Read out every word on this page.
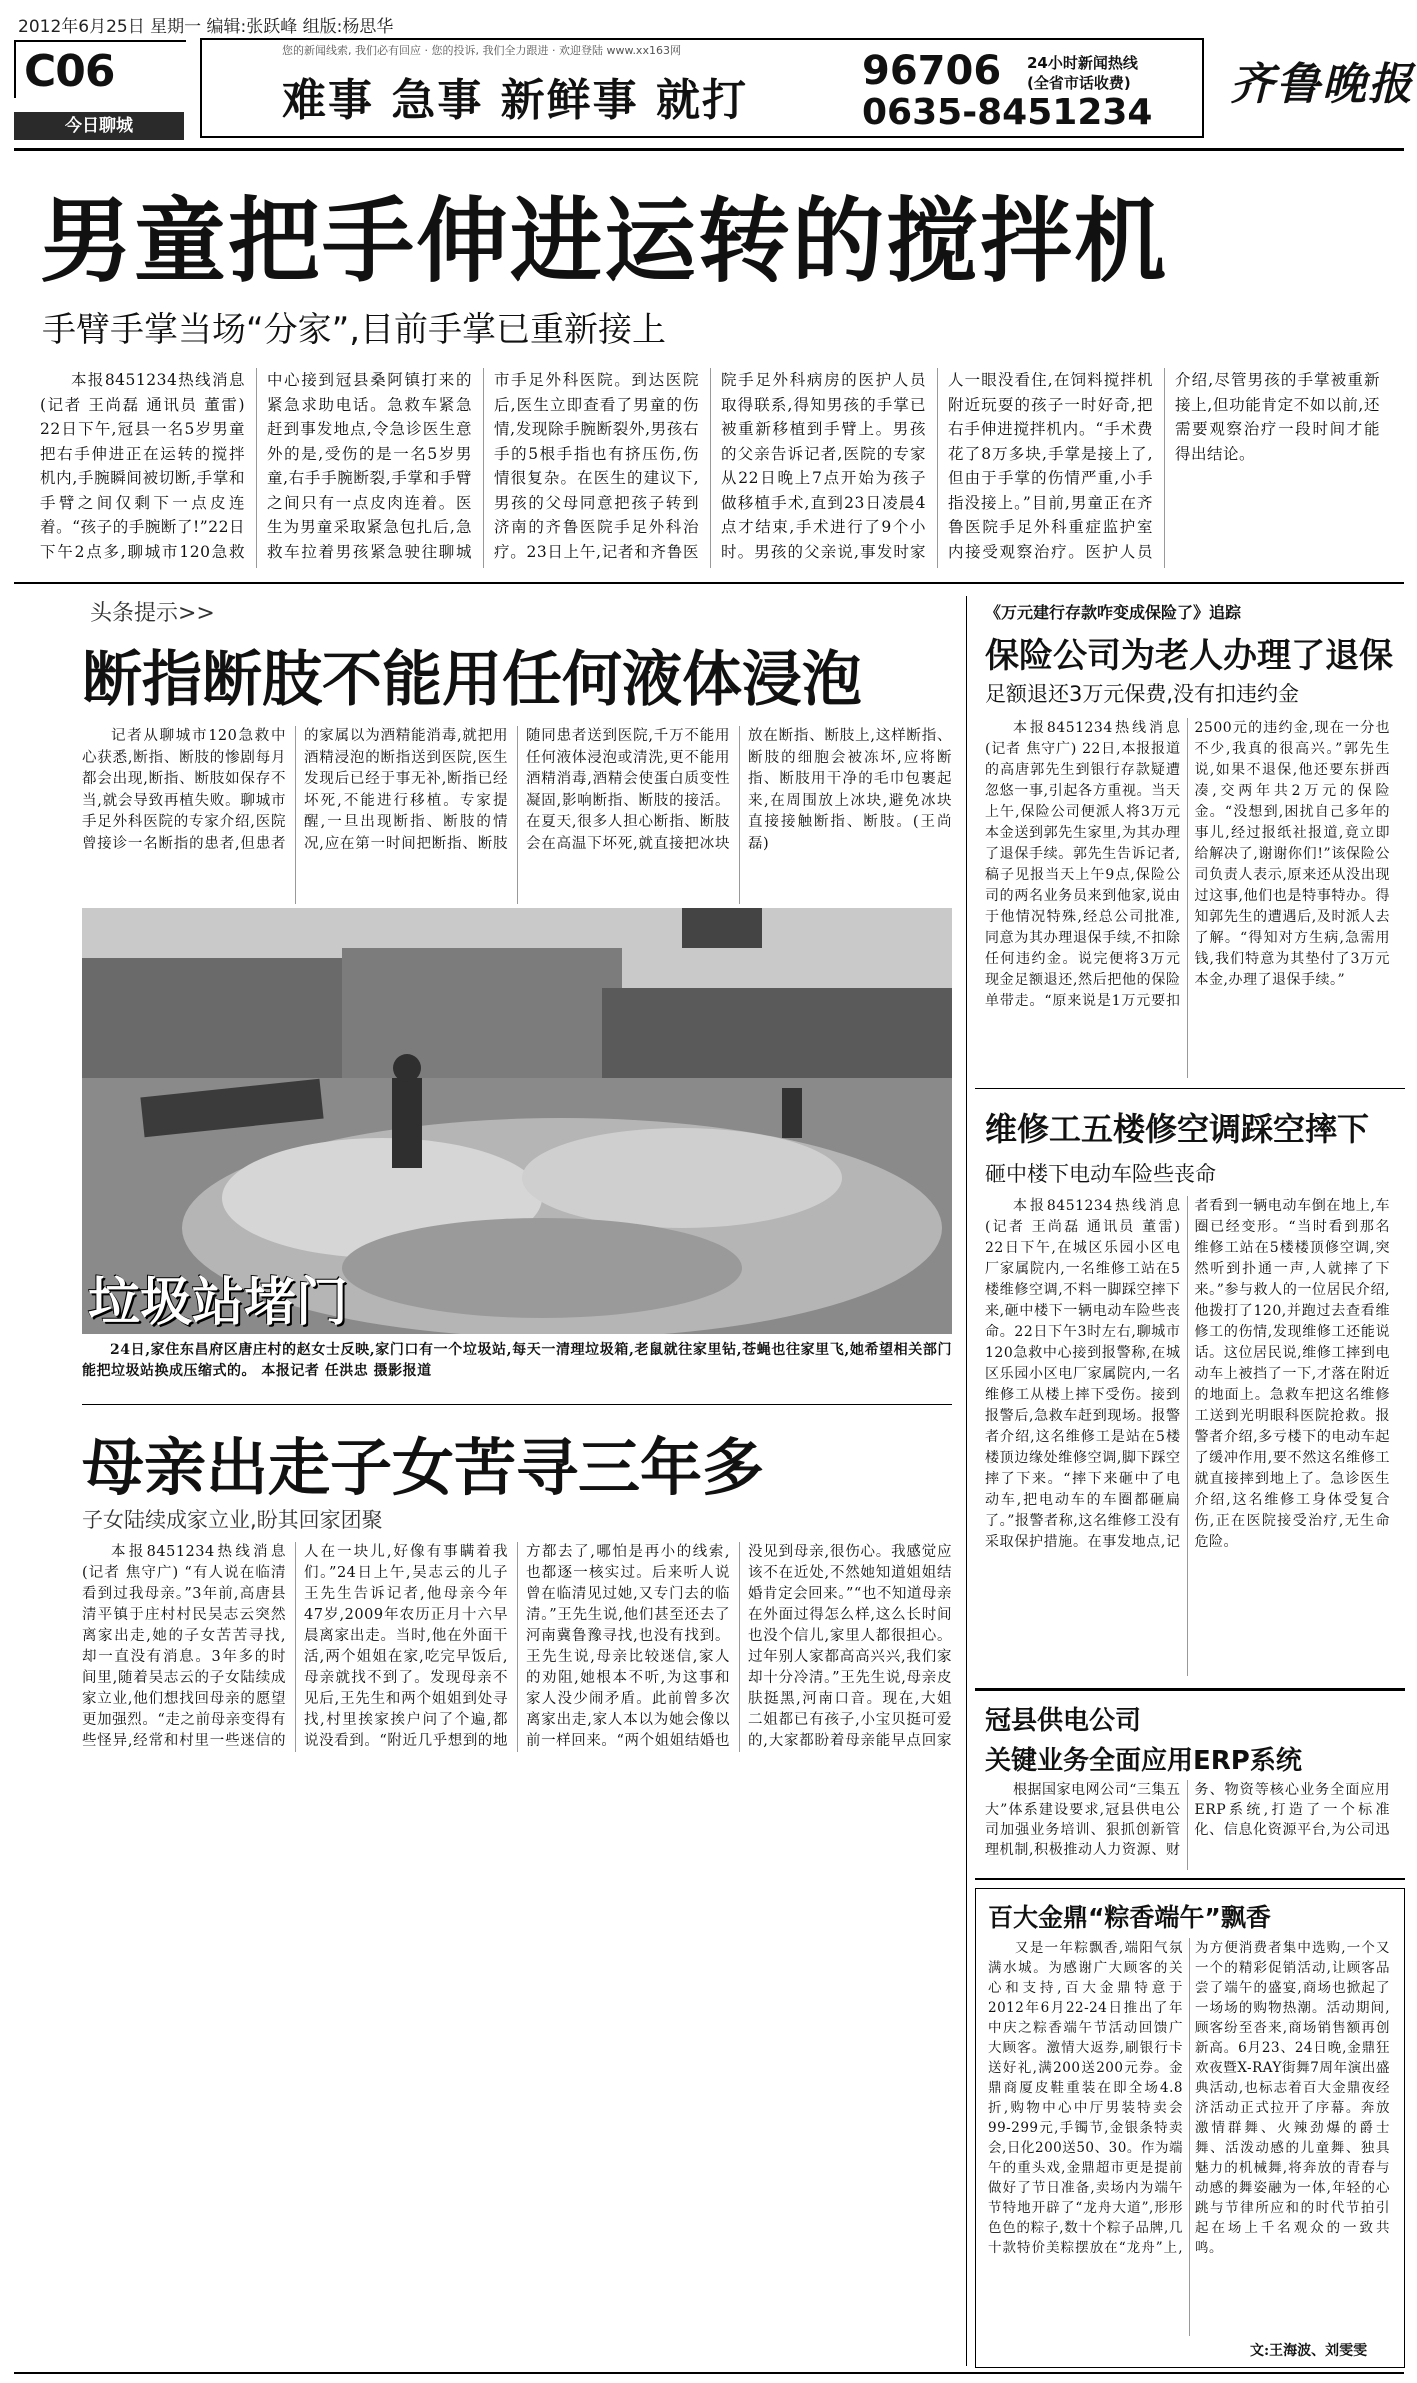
2012年6月25日 星期一 编辑:张跃峰 组版:杨思华
C06
今日聊城
您的新闻线索, 我们必有回应 · 您的投诉, 我们全力跟进 · 欢迎登陆 www.xx163网
难事 急事 新鲜事 就打
96706 24小时新闻热线
(全省市话收费)
0635-8451234
齐鲁晚报
男童把手伸进运转的搅拌机
手臂手掌当场“分家”,目前手掌已重新接上
本报8451234热线消息(记者 王尚磊 通讯员 董雷) 22日下午,冠县一名5岁男童把右手伸进正在运转的搅拌机内,手腕瞬间被切断,手掌和手臂之间仅剩下一点皮连着。“孩子的手腕断了!”22日下午2点多,聊城市120急救中心接到冠县桑阿镇打来的紧急求助电话。急救车紧急赶到事发地点,令急诊医生意外的是,受伤的是一名5岁男童,右手手腕断裂,手掌和手臂之间只有一点皮肉连着。医生为男童采取紧急包扎后,急救车拉着男孩紧急驶往聊城市手足外科医院。到达医院后,医生立即查看了男童的伤情,发现除手腕断裂外,男孩右手的5根手指也有挤压伤,伤情很复杂。在医生的建议下,男孩的父母同意把孩子转到济南的齐鲁医院手足外科治疗。23日上午,记者和齐鲁医院手足外科病房的医护人员取得联系,得知男孩的手掌已被重新移植到手臂上。男孩的父亲告诉记者,医院的专家从22日晚上7点开始为孩子做移植手术,直到23日凌晨4点才结束,手术进行了9个小时。男孩的父亲说,事发时家人一眼没看住,在饲料搅拌机附近玩耍的孩子一时好奇,把右手伸进搅拌机内。“手术费花了8万多块,手掌是接上了,但由于手掌的伤情严重,小手指没接上。”目前,男童正在齐鲁医院手足外科重症监护室内接受观察治疗。医护人员介绍,尽管男孩的手掌被重新接上,但功能肯定不如以前,还需要观察治疗一段时间才能得出结论。
头条提示>>
断指断肢不能用任何液体浸泡
记者从聊城市120急救中心获悉,断指、断肢的惨剧每月都会出现,断指、断肢如保存不当,就会导致再植失败。聊城市手足外科医院的专家介绍,医院曾接诊一名断指的患者,但患者的家属以为酒精能消毒,就把用酒精浸泡的断指送到医院,医生发现后已经于事无补,断指已经坏死,不能进行移植。专家提醒,一旦出现断指、断肢的情况,应在第一时间把断指、断肢随同患者送到医院,千万不能用任何液体浸泡或清洗,更不能用酒精消毒,酒精会使蛋白质变性凝固,影响断指、断肢的接活。在夏天,很多人担心断指、断肢会在高温下坏死,就直接把冰块放在断指、断肢上,这样断指、断肢的细胞会被冻坏,应将断指、断肢用干净的毛巾包裹起来,在周围放上冰块,避免冰块直接接触断指、断肢。(王尚磊)
垃圾站堵门
24日,家住东昌府区唐庄村的赵女士反映,家门口有一个垃圾站,每天一清理垃圾箱,老鼠就往家里钻,苍蝇也往家里飞,她希望相关部门能把垃圾站换成压缩式的。 本报记者 任洪忠 摄影报道
母亲出走子女苦寻三年多
子女陆续成家立业,盼其回家团聚
本报8451234热线消息(记者 焦守广) “有人说在临清看到过我母亲。”3年前,高唐县清平镇于庄村村民吴志云突然离家出走,她的子女苦苦寻找,却一直没有消息。3年多的时间里,随着吴志云的子女陆续成家立业,他们想找回母亲的愿望更加强烈。“走之前母亲变得有些怪异,经常和村里一些迷信的人在一块儿,好像有事瞒着我们。”24日上午,吴志云的儿子王先生告诉记者,他母亲今年47岁,2009年农历正月十六早晨离家出走。当时,他在外面干活,两个姐姐在家,吃完早饭后,母亲就找不到了。发现母亲不见后,王先生和两个姐姐到处寻找,村里挨家挨户问了个遍,都说没看到。“附近几乎想到的地方都去了,哪怕是再小的线索,也都逐一核实过。后来听人说曾在临清见过她,又专门去的临清。”王先生说,他们甚至还去了河南冀鲁豫寻找,也没有找到。王先生说,母亲比较迷信,家人的劝阻,她根本不听,为这事和家人没少闹矛盾。此前曾多次离家出走,家人本以为她会像以前一样回来。“两个姐姐结婚也没见到母亲,很伤心。我感觉应该不在近处,不然她知道姐姐结婚肯定会回来。”“也不知道母亲在外面过得怎么样,这么长时间也没个信儿,家里人都很担心。过年别人家都高高兴兴,我们家却十分冷清。”王先生说,母亲皮肤挺黑,河南口音。现在,大姐二姐都已有孩子,小宝贝挺可爱的,大家都盼着母亲能早点回家
《万元建行存款咋变成保险了》追踪
保险公司为老人办理了退保
足额退还3万元保费,没有扣违约金
本报8451234热线消息(记者 焦守广) 22日,本报报道的高唐郭先生到银行存款疑遭忽悠一事,引起各方重视。当天上午,保险公司便派人将3万元本金送到郭先生家里,为其办理了退保手续。郭先生告诉记者,稿子见报当天上午9点,保险公司的两名业务员来到他家,说由于他情况特殊,经总公司批准,同意为其办理退保手续,不扣除任何违约金。说完便将3万元现金足额退还,然后把他的保险单带走。“原来说是1万元要扣2500元的违约金,现在一分也不少,我真的很高兴。”郭先生说,如果不退保,他还要东拼西凑,交两年共2万元的保险金。“没想到,困扰自己多年的事儿,经过报纸社报道,竟立即给解决了,谢谢你们!”该保险公司负责人表示,原来还从没出现过这事,他们也是特事特办。得知郭先生的遭遇后,及时派人去了解。“得知对方生病,急需用钱,我们特意为其垫付了3万元本金,办理了退保手续。”
维修工五楼修空调踩空摔下
砸中楼下电动车险些丧命
本报8451234热线消息(记者 王尚磊 通讯员 董雷) 22日下午,在城区乐园小区电厂家属院内,一名维修工站在5楼维修空调,不料一脚踩空摔下来,砸中楼下一辆电动车险些丧命。22日下午3时左右,聊城市120急救中心接到报警称,在城区乐园小区电厂家属院内,一名维修工从楼上摔下受伤。接到报警后,急救车赶到现场。报警者介绍,这名维修工是站在5楼楼顶边缘处维修空调,脚下踩空摔了下来。“摔下来砸中了电动车,把电动车的车圈都砸扁了。”报警者称,这名维修工没有采取保护措施。在事发地点,记者看到一辆电动车倒在地上,车圈已经变形。“当时看到那名维修工站在5楼楼顶修空调,突然听到扑通一声,人就摔了下来。”参与救人的一位居民介绍,他拨打了120,并跑过去查看维修工的伤情,发现维修工还能说话。这位居民说,维修工摔到电动车上被挡了一下,才落在附近的地面上。急救车把这名维修工送到光明眼科医院抢救。报警者介绍,多亏楼下的电动车起了缓冲作用,要不然这名维修工就直接摔到地上了。急诊医生介绍,这名维修工身体受复合伤,正在医院接受治疗,无生命危险。
冠县供电公司
关键业务全面应用ERP系统
根据国家电网公司“三集五大”体系建设要求,冠县供电公司加强业务培训、狠抓创新管理机制,积极推动人力资源、财务、物资等核心业务全面应用ERP系统,打造了一个标准化、信息化资源平台,为公司迅
百大金鼎“粽香端午”飘香
又是一年粽飘香,端阳气氛满水城。为感谢广大顾客的关心和支持,百大金鼎特意于2012年6月22-24日推出了年中庆之粽香端午节活动回馈广大顾客。激情大返券,刷银行卡送好礼,满200送200元券。金鼎商厦皮鞋重装在即全场4.8折,购物中心中厅男装特卖会99-299元,手镯节,金银条特卖会,日化200送50、30。作为端午的重头戏,金鼎超市更是提前做好了节日准备,卖场内为端午节特地开辟了“龙舟大道”,形形色色的粽子,数十个粽子品牌,几十款特价美粽摆放在“龙舟”上,为方便消费者集中选购,一个又一个的精彩促销活动,让顾客品尝了端午的盛宴,商场也掀起了一场场的购物热潮。活动期间,顾客纷至沓来,商场销售额再创新高。6月23、24日晚,金鼎狂欢夜暨X-RAY街舞7周年演出盛典活动,也标志着百大金鼎夜经济活动正式拉开了序幕。奔放激情群舞、火辣劲爆的爵士舞、活泼动感的儿童舞、独具魅力的机械舞,将奔放的青春与动感的舞姿融为一体,年轻的心跳与节律所应和的时代节拍引起在场上千名观众的一致共鸣。
文:王海波、刘雯雯
